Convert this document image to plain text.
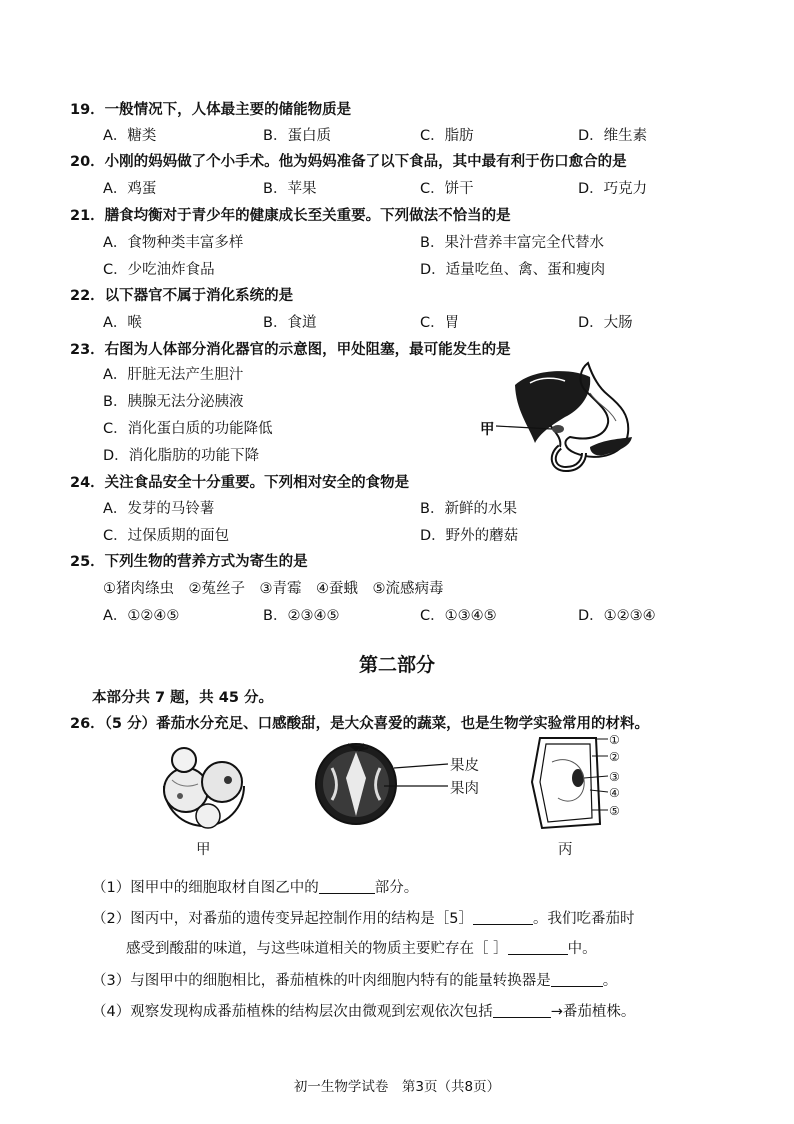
19．一般情况下，人体最主要的储能物质是
A．糖类	B．蛋白质	C．脂肪	D．维生素
20．小刚的妈妈做了个小手术。他为妈妈准备了以下食品，其中最有利于伤口愈合的是
A．鸡蛋	B．苹果	C．饼干	D．巧克力
21．膳食均衡对于青少年的健康成长至关重要。下列做法不恰当的是
A．食物种类丰富多样	B．果汁营养丰富完全代替水
C．少吃油炸食品	D．适量吃鱼、禽、蛋和瘦肉
22．以下器官不属于消化系统的是
A．喉	B．食道	C．胃	D．大肠
23．右图为人体部分消化器官的示意图，甲处阻塞，最可能发生的是
A．肝脏无法产生胆汁
B．胰腺无法分泌胰液
C．消化蛋白质的功能降低
D．消化脂肪的功能下降
甲
24．关注食品安全十分重要。下列相对安全的食物是
A．发芽的马铃薯	B．新鲜的水果
C．过保质期的面包	D．野外的蘑菇
25．下列生物的营养方式为寄生的是
①猪肉绦虫　②菟丝子　③青霉　④蚕蛾　⑤流感病毒
A．①②④⑤	B．②③④⑤	C．①③④⑤	D．①②③④
第二部分
本部分共 7 题，共 45 分。
26．（5 分）番茄水分充足、口感酸甜，是大众喜爱的蔬菜，也是生物学实验常用的材料。
甲
果皮
果肉
①
②
③
④
⑤
丙
（1）图甲中的细胞取材自图乙中的	部分。
（2）图丙中，对番茄的遗传变异起控制作用的结构是［5］	。我们吃番茄时
感受到酸甜的味道，与这些味道相关的物质主要贮存在［ ］	中。
（3）与图甲中的细胞相比，番茄植株的叶肉细胞内特有的能量转换器是	。
（4）观察发现构成番茄植株的结构层次由微观到宏观依次包括	→番茄植株。
初一生物学试卷　第3页（共8页）
